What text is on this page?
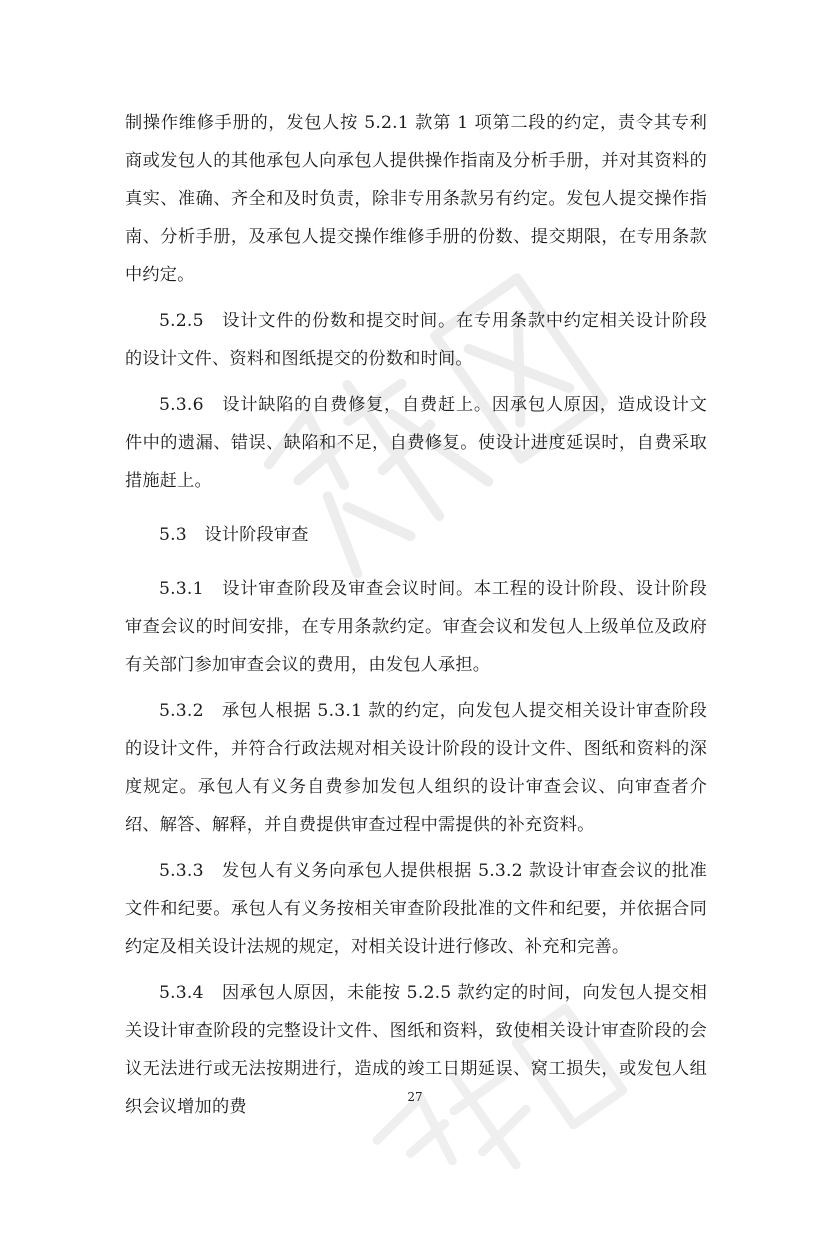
制操作维修手册的，发包人按 5.2.1 款第 1 项第二段的约定，责令其专利商或发包人的其他承包人向承包人提供操作指南及分析手册，并对其资料的真实、准确、齐全和及时负责，除非专用条款另有约定。发包人提交操作指南、分析手册，及承包人提交操作维修手册的份数、提交期限，在专用条款中约定。

5.2.5　设计文件的份数和提交时间。在专用条款中约定相关设计阶段的设计文件、资料和图纸提交的份数和时间。

5.3.6　设计缺陷的自费修复，自费赶上。因承包人原因，造成设计文件中的遗漏、错误、缺陷和不足，自费修复。使设计进度延误时，自费采取措施赶上。

5.3　设计阶段审查

5.3.1　设计审查阶段及审查会议时间。本工程的设计阶段、设计阶段审查会议的时间安排，在专用条款约定。审查会议和发包人上级单位及政府有关部门参加审查会议的费用，由发包人承担。

5.3.2　承包人根据 5.3.1 款的约定，向发包人提交相关设计审查阶段的设计文件，并符合行政法规对相关设计阶段的设计文件、图纸和资料的深度规定。承包人有义务自费参加发包人组织的设计审查会议、向审查者介绍、解答、解释，并自费提供审查过程中需提供的补充资料。

5.3.3　发包人有义务向承包人提供根据 5.3.2 款设计审查会议的批准文件和纪要。承包人有义务按相关审查阶段批准的文件和纪要，并依据合同约定及相关设计法规的规定，对相关设计进行修改、补充和完善。

5.3.4　因承包人原因，未能按 5.2.5 款约定的时间，向发包人提交相关设计审查阶段的完整设计文件、图纸和资料，致使相关设计审查阶段的会议无法进行或无法按期进行，造成的竣工日期延误、窝工损失，或发包人组织会议增加的费	27
